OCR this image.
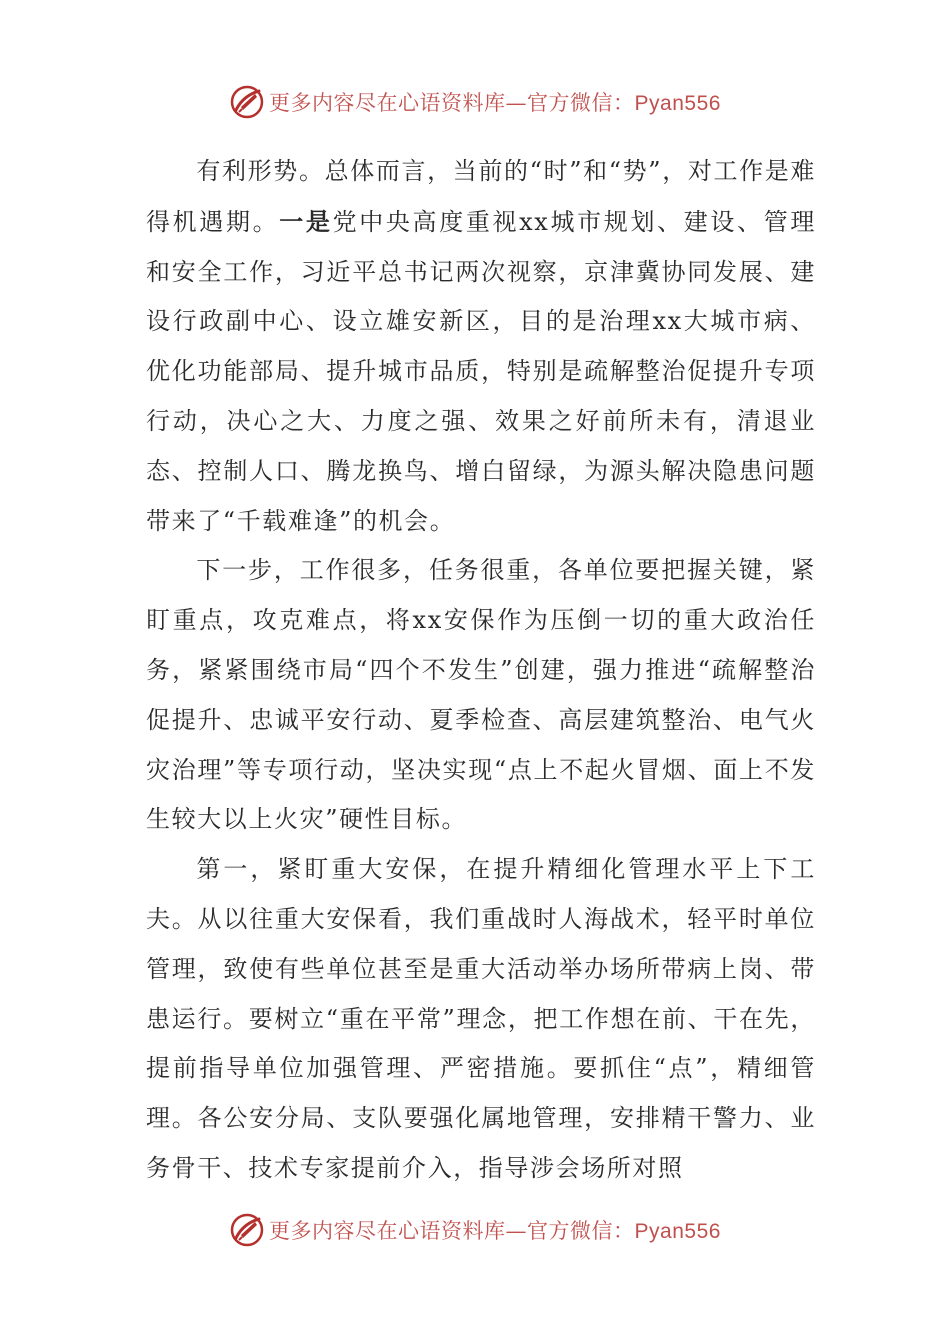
更多内容尽在心语资料库—官方微信：Pyan556

有利形势。总体而言，当前的“时”和“势”，对工作是难得机遇期。一是党中央高度重视xx城市规划、建设、管理和安全工作，习近平总书记两次视察，京津冀协同发展、建设行政副中心、设立雄安新区，目的是治理xx大城市病、优化功能部局、提升城市品质，特别是疏解整治促提升专项行动，决心之大、力度之强、效果之好前所未有，清退业态、控制人口、腾龙换鸟、增白留绿，为源头解决隐患问题带来了“千载难逢”的机会。

下一步，工作很多，任务很重，各单位要把握关键，紧盯重点，攻克难点，将xx安保作为压倒一切的重大政治任务，紧紧围绕市局“四个不发生”创建，强力推进“疏解整治促提升、忠诚平安行动、夏季检查、高层建筑整治、电气火灾治理”等专项行动，坚决实现“点上不起火冒烟、面上不发生较大以上火灾”硬性目标。

第一，紧盯重大安保，在提升精细化管理水平上下工夫。从以往重大安保看，我们重战时人海战术，轻平时单位管理，致使有些单位甚至是重大活动举办场所带病上岗、带患运行。要树立“重在平常”理念，把工作想在前、干在先，提前指导单位加强管理、严密措施。要抓住“点”，精细管理。各公安分局、支队要强化属地管理，安排精干警力、业务骨干、技术专家提前介入，指导涉会场所对照

更多内容尽在心语资料库—官方微信：Pyan556
